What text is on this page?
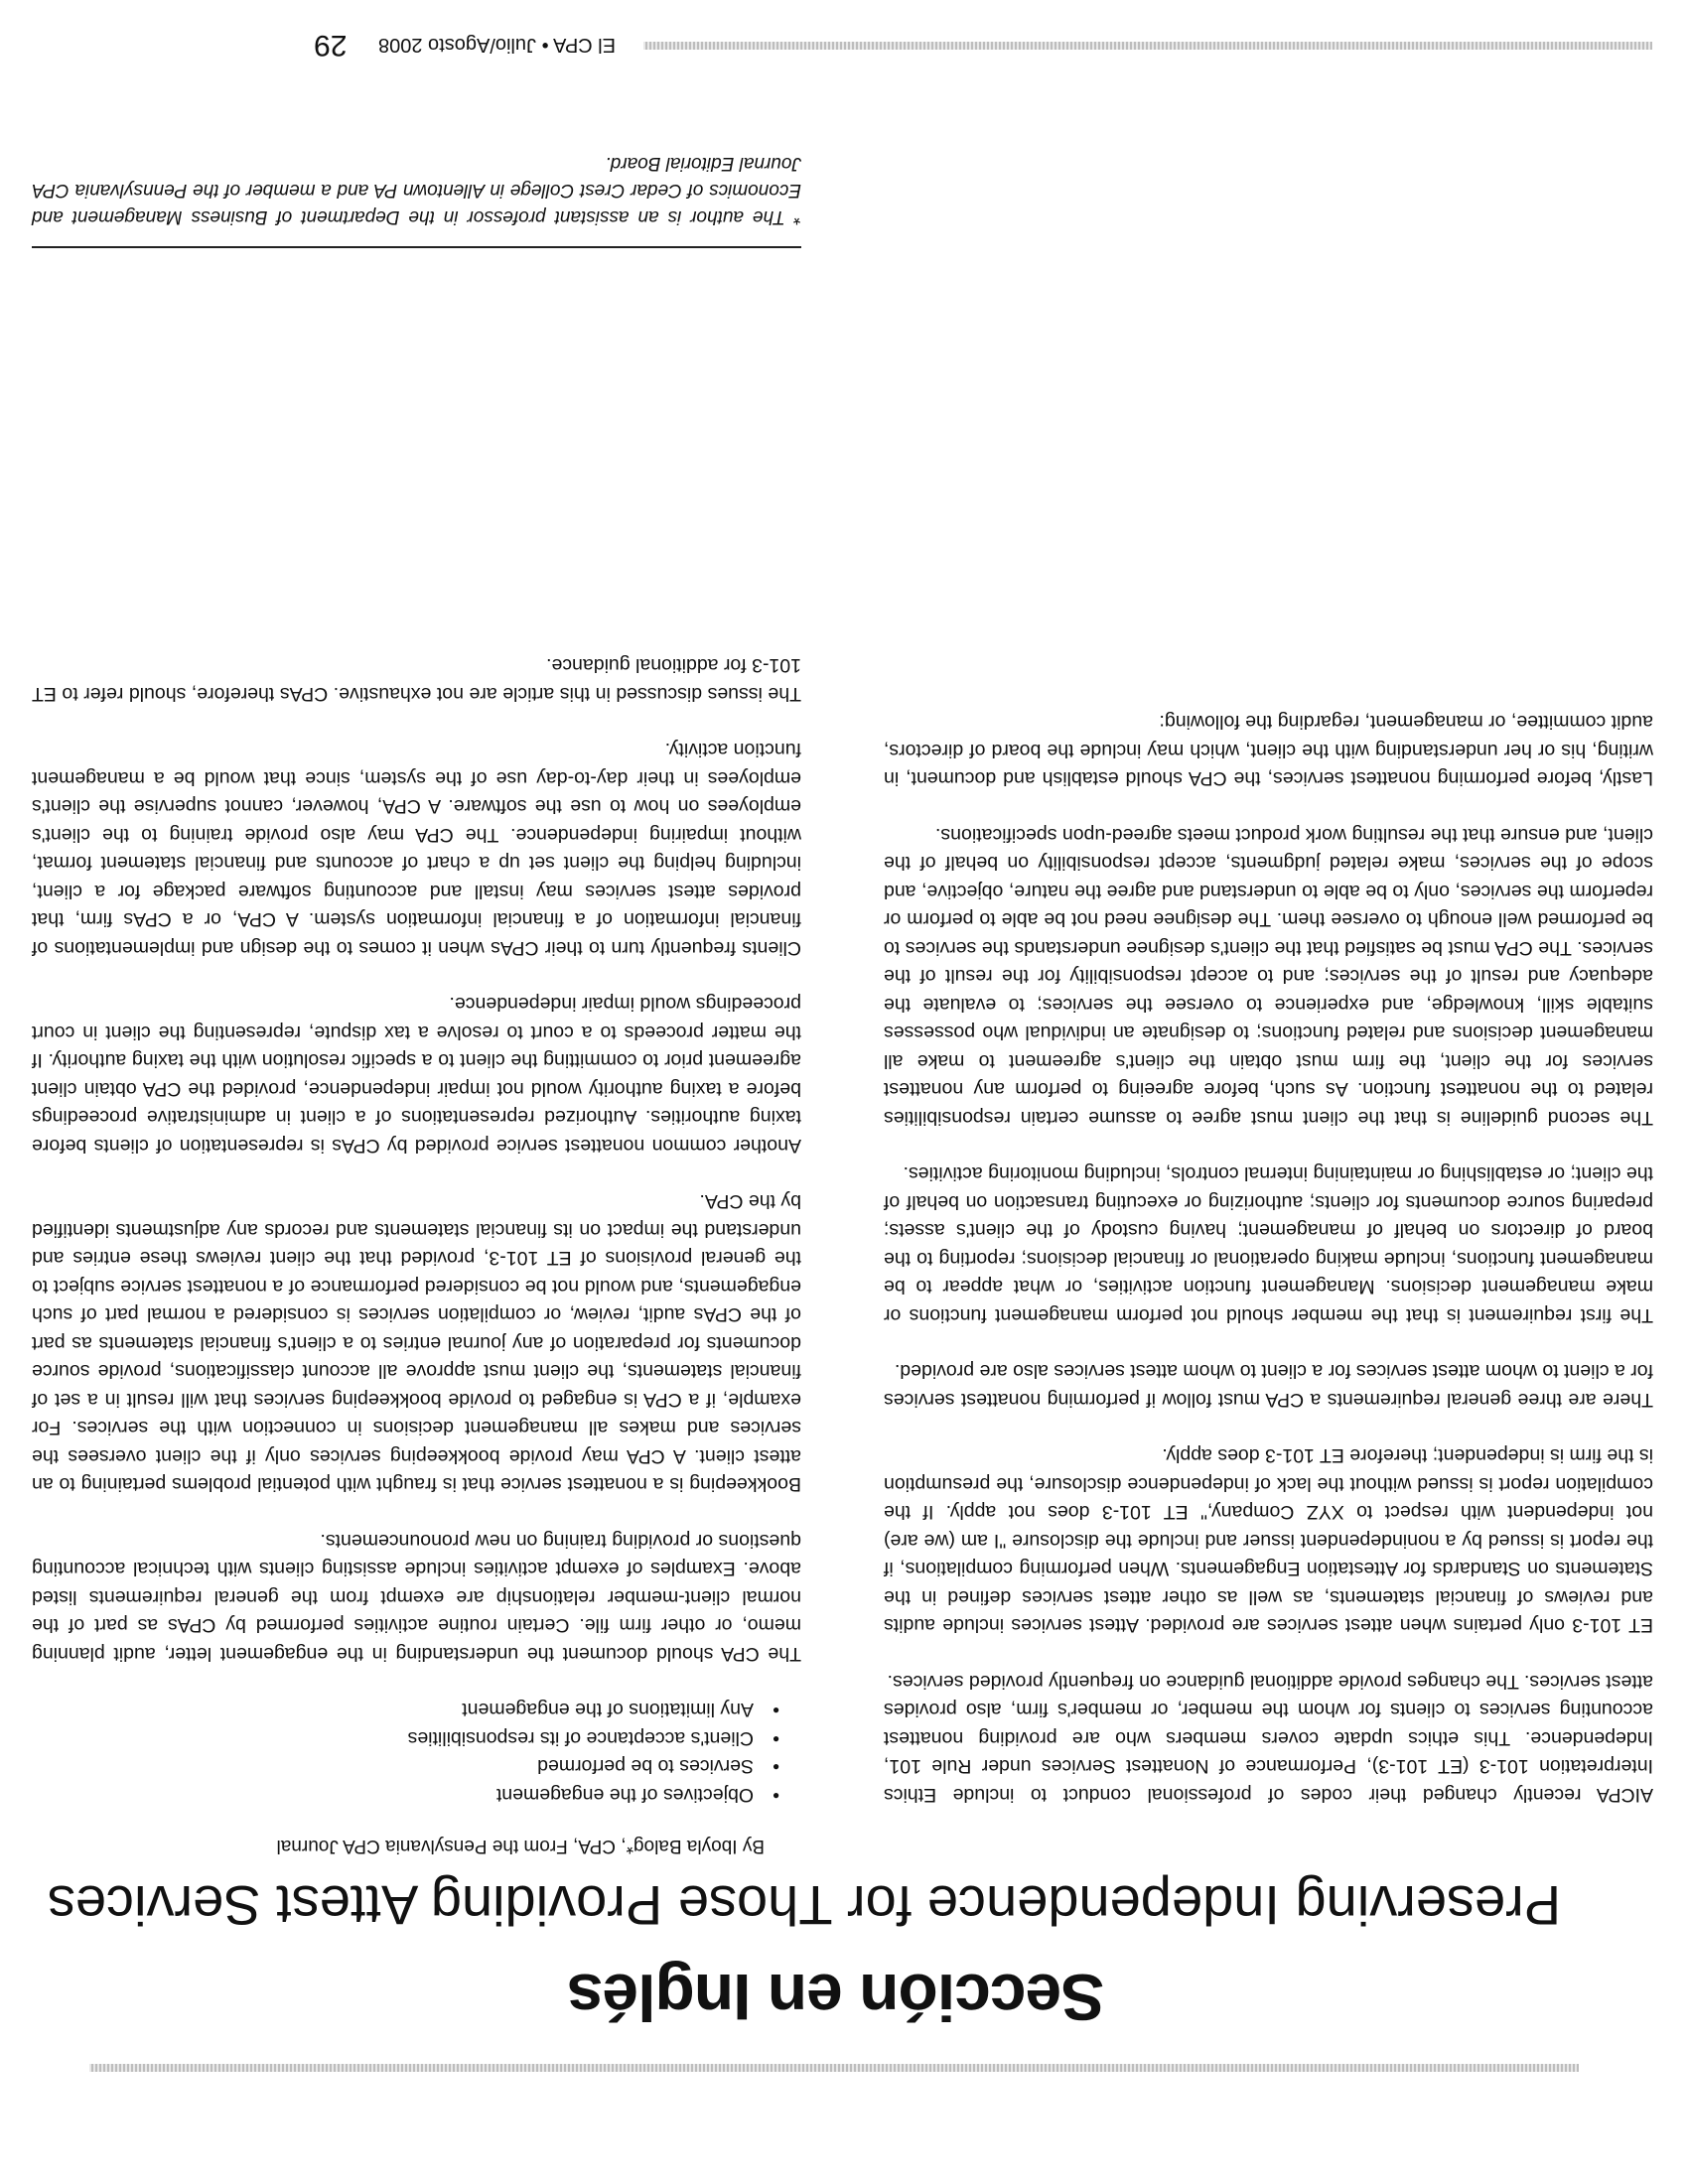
Sección en Inglés
Preserving Independence for Those Providing Attest Services
By Iboyla Balog*, CPA, From the Pensylvania CPA Journal

AICPA recently changed their codes of professional conduct to include Ethics Interpretation 101-3 (ET 101-3), Performance of Nonattest Services under Rule 101, Independence. This ethics update covers members who are providing nonattest accounting services to clients for whom the member, or member's firm, also provides attest services. The changes provide additional guidance on frequently provided services.

ET 101-3 only pertains when attest services are provided. Attest services include audits and reviews of financial statements, as well as other attest services defined in the Statements on Standards for Attestation Engagements. When performing compilations, if the report is issued by a nonindependent issuer and include the disclosure "I am (we are) not independent with respect to XYZ Company," ET 101-3 does not apply. If the compilation report is issued without the lack of independence disclosure, the presumption is the firm is independent; therefore ET 101-3 does apply.

There are three general requirements a CPA must follow if performing nonattest services for a client to whom attest services for a client to whom attest services also are provided.

The first requirement is that the member should not perform management functions or make management decisions. Management function activities, or what appear to be management functions, include making operational or financial decisions; reporting to the board of directors on behalf of management; having custody of the client's assets; preparing source documents for clients; authorizing or executing transaction on behalf of the client; or establishing or maintaining internal controls, including monitoring activities.

The second guideline is that the client must agree to assume certain responsibilities related to the nonattest function. As such, before agreeing to perform any nonattest services for the client, the firm must obtain the client's agreement to make all management decisions and related functions; to designate an individual who possesses suitable skill, knowledge, and experience to oversee the services; to evaluate the adequacy and result of the services; and to accept responsibility for the result of the services. The CPA must be satisfied that the client's designee understands the services to be performed well enough to oversee them. The designee need not be able to perform or reperform the services, only to be able to understand and agree the nature, objective, and scope of the services, make related judgments, accept responsibility on behalf of the client, and ensure that the resulting work product meets agreed-upon specifications.

Lastly, before performing nonattest services, the CPA should establish and document, in writing, his or her understanding with the client, which may include the board of directors, audit committee, or management, regarding the following:

• Objectives of the engagement
• Services to be performed
• Client's acceptance of its responsibilities
• Any limitations of the engagement

The CPA should document the understanding in the engagement letter, audit planning memo, or other firm file. Certain routine activities performed by CPAs as part of the normal client-member relationship are exempt from the general requirements listed above. Examples of exempt activities include assisting clients with technical accounting questions or providing training on new pronouncements.

Bookkeeping is a nonattest service that is fraught with potential problems pertaining to an attest client. A CPA may provide bookkeeping services only if the client oversees the services and makes all management decisions in connection with the services. For example, if a CPA is engaged to provide bookkeeping services that will result in a set of financial statements, the client must approve all account classifications, provide source documents for preparation of any journal entries to a client's financial statements as part of the CPAs audit, review, or compilation services is considered a normal part of such engagements, and would not be considered performance of a nonattest service subject to the general provisions of ET 101-3, provided that the client reviews these entries and understand the impact on its financial statements and records any adjustments identified by the CPA.

Another common nonattest service provided by CPAs is representation of clients before taxing authorities. Authorized representations of a client in administrative proceedings before a taxing authority would not impair independence, provided the CPA obtain client agreement prior to committing the client to a specific resolution with the taxing authority. If the matter proceeds to a court to resolve a tax dispute, representing the client in court proceedings would impair independence.

Clients frequently turn to their CPAs when it comes to the design and implementations of financial information of a financial information system. A CPA, or a CPAs firm, that provides attest services may install and accounting software package for a client, including helping the client set up a chart of accounts and financial statement format, without impairing independence. The CPA may also provide training to the client's employees on how to use the software. A CPA, however, cannot supervise the client's employees in their day-to-day use of the system, since that would be a management function activity.

The issues discussed in this article are not exhaustive. CPAs therefore, should refer to ET 101-3 for additional guidance.

* The author is an assistant professor in the Department of Business Management and Economics of Cedar Crest College in Allentown PA and a member of the Pennsylvania CPA Journal Editorial Board.
El CPA • Julio/Agosto 2008 29
